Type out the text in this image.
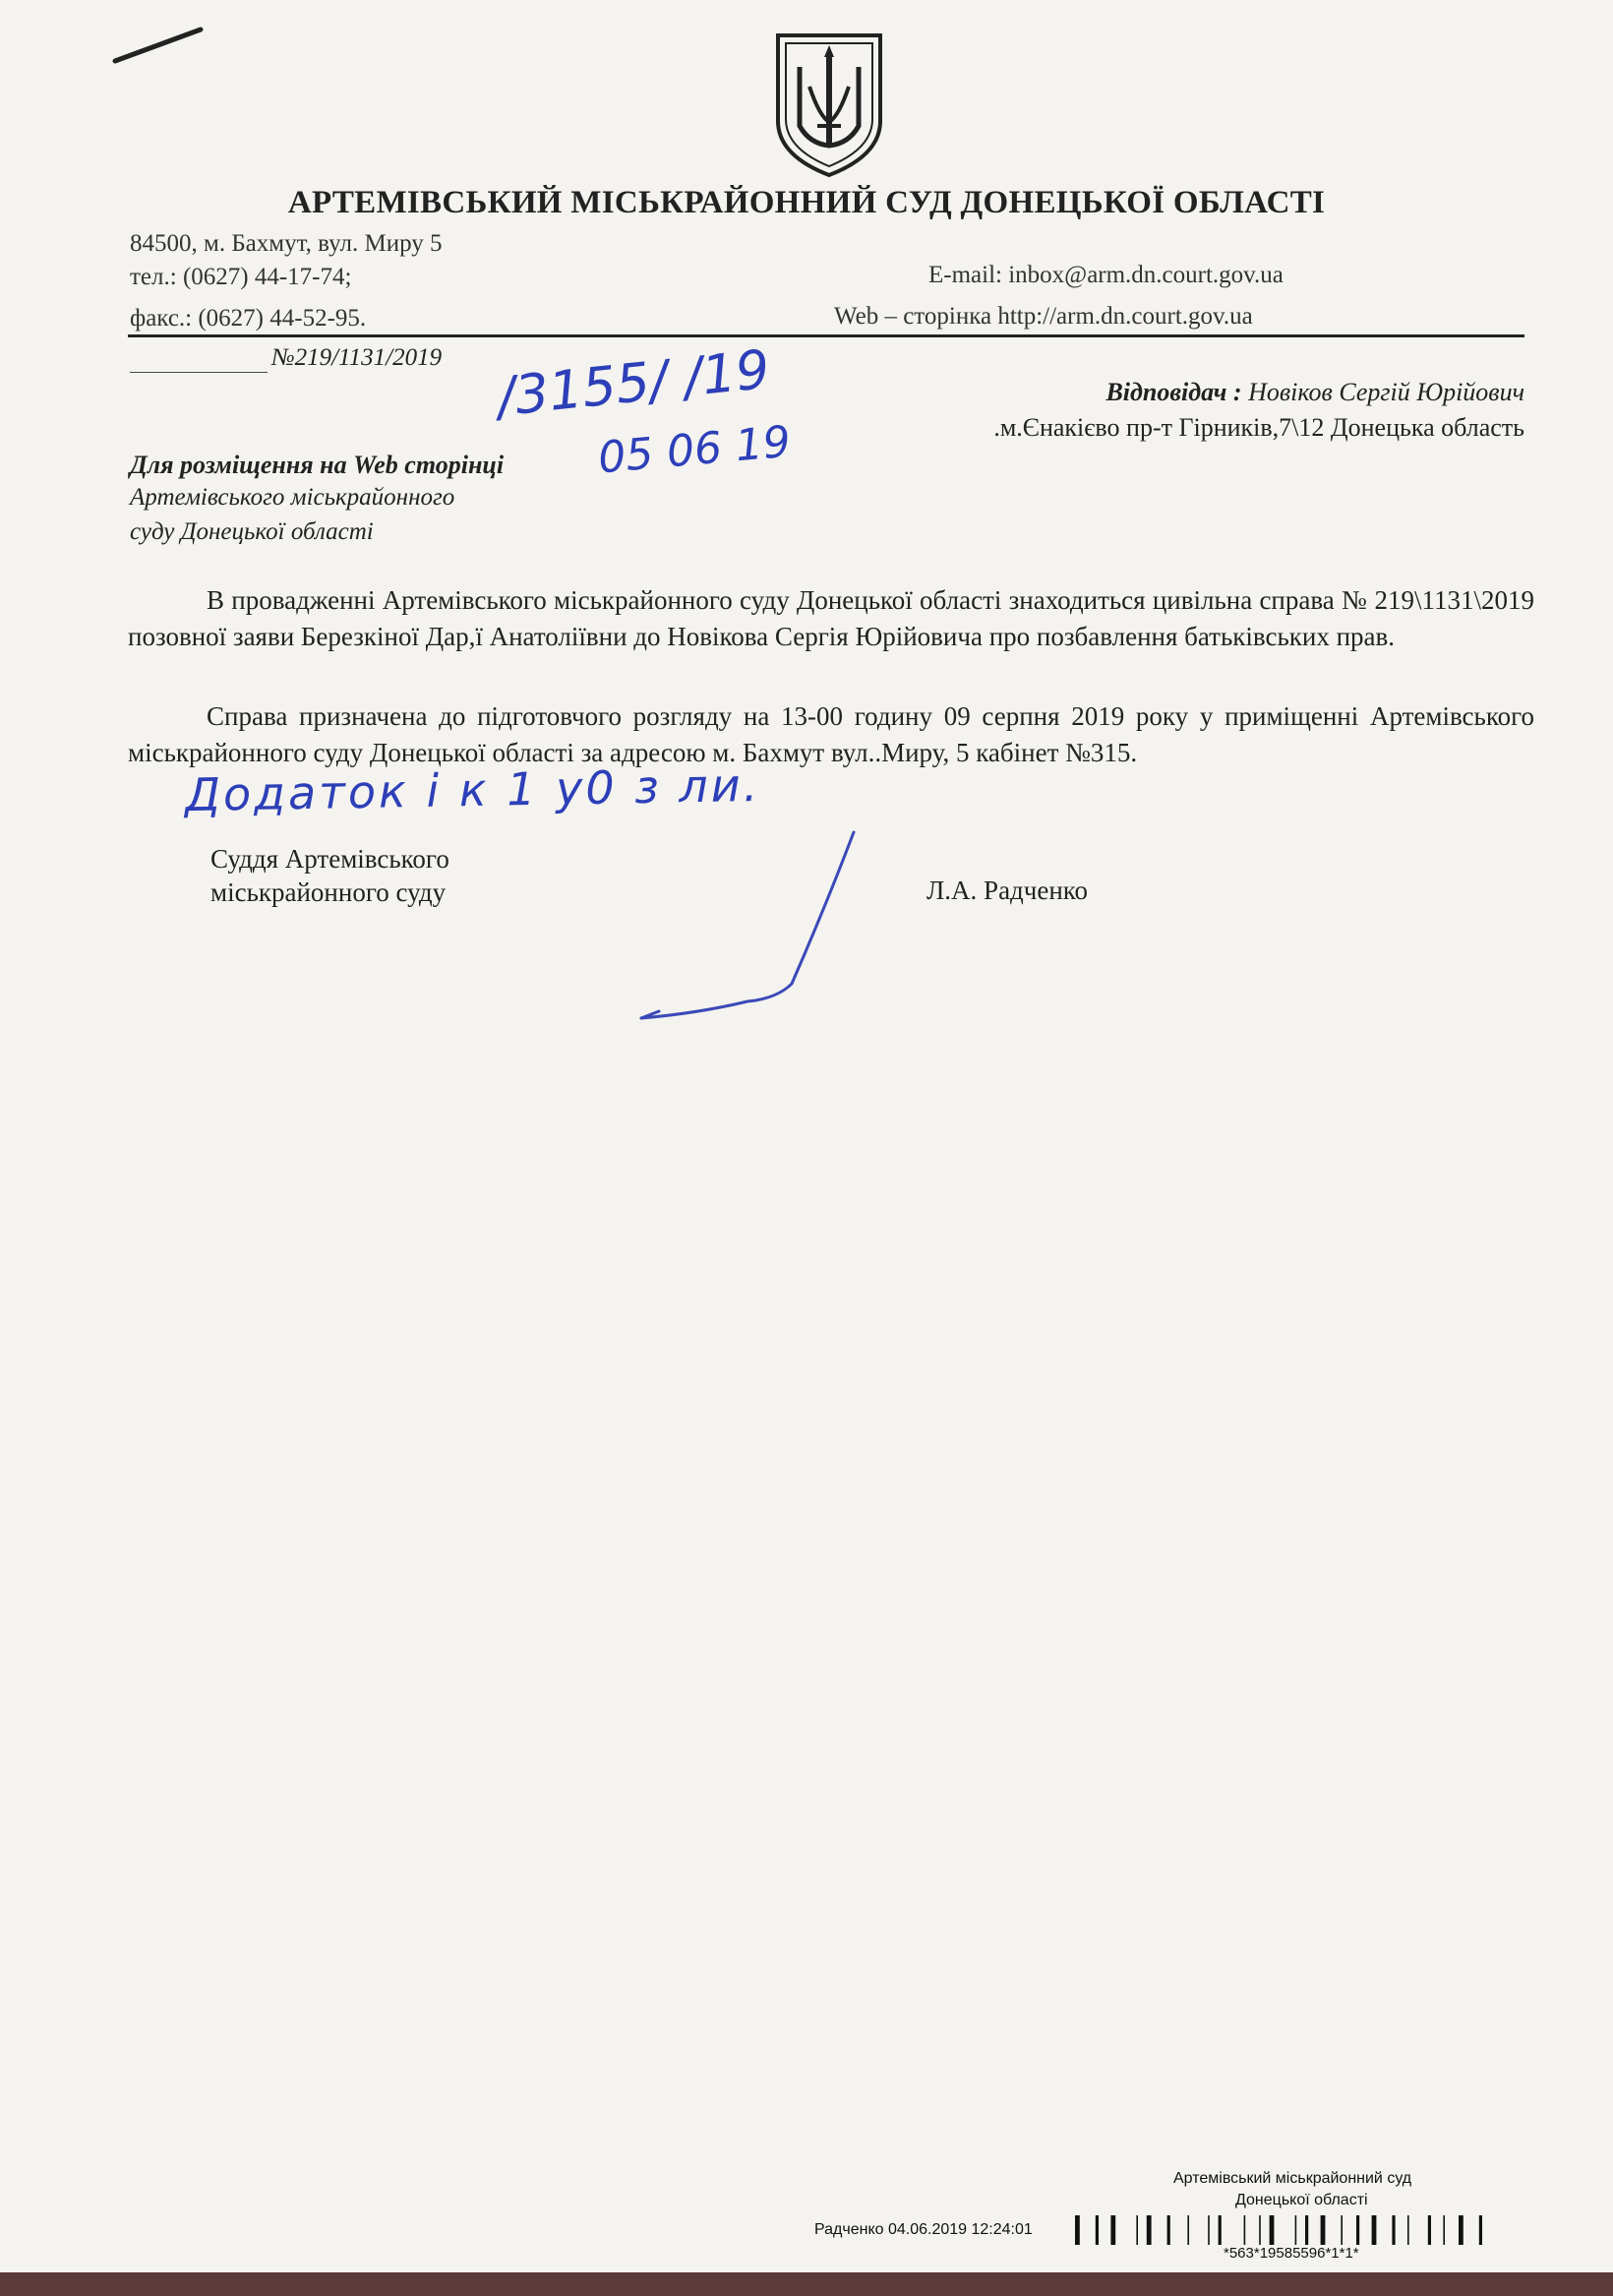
АРТЕМІВСЬКИЙ МІСЬКРАЙОННИЙ СУД ДОНЕЦЬКОЇ ОБЛАСТІ
84500, м. Бахмут, вул. Миру 5
тел.: (0627) 44-17-74;
факс.: (0627) 44-52-95.
E-mail: inbox@arm.dn.court.gov.ua
Web – сторінка http://arm.dn.court.gov.ua
№219/1131/2019 /3155/ /19
05 06 19
Відповідач : Новіков Сергій Юрійович
.м.Єнакієво пр-т Гірників,7\12 Донецька область
Для розміщення на Web сторінці
Артемівського міськрайонного
суду Донецької області
В провадженні Артемівського міськрайонного суду Донецької області знаходиться цивільна справа № 219\1131\2019 позовної заяви Березкіної Дар,ї Анатоліївни до Новікова Сергія Юрійовича про позбавлення батьківських прав.
Справа призначена до підготовчого розгляду на 13-00 годину 09 серпня 2019 року у приміщенні Артемівського міськрайонного суду Донецької області за адресою м. Бахмут вул..Миру, 5 кабінет №315.
Додаток і к 1 у0 з ли.
Суддя Артемівського
міськрайонного суду	Л.А. Радченко
Артемівський міськрайонний суд
Донецької області
Радченко 04.06.2019 12:24:01
*563*19585596*1*1*
